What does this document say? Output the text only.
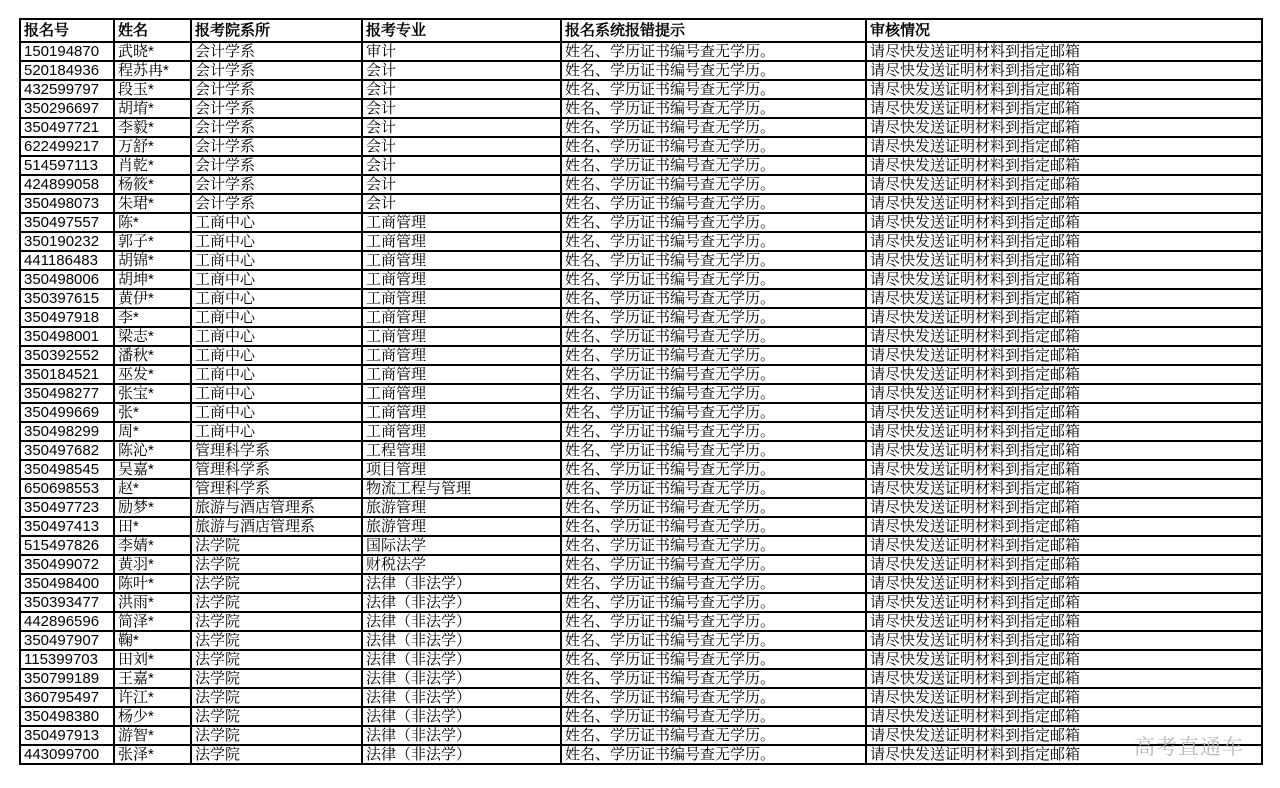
报名号	姓名	报考院系所	报考专业	报名系统报错提示	审核情况
150194870	武晓*	会计学系	审计	姓名、学历证书编号查无学历。	请尽快发送证明材料到指定邮箱
520184936	程苏冉*	会计学系	会计	姓名、学历证书编号查无学历。	请尽快发送证明材料到指定邮箱
432599797	段玉*	会计学系	会计	姓名、学历证书编号查无学历。	请尽快发送证明材料到指定邮箱
350296697	胡堉*	会计学系	会计	姓名、学历证书编号查无学历。	请尽快发送证明材料到指定邮箱
350497721	李毅*	会计学系	会计	姓名、学历证书编号查无学历。	请尽快发送证明材料到指定邮箱
622499217	万舒*	会计学系	会计	姓名、学历证书编号查无学历。	请尽快发送证明材料到指定邮箱
514597113	肖乾*	会计学系	会计	姓名、学历证书编号查无学历。	请尽快发送证明材料到指定邮箱
424899058	杨筱*	会计学系	会计	姓名、学历证书编号查无学历。	请尽快发送证明材料到指定邮箱
350498073	朱珺*	会计学系	会计	姓名、学历证书编号查无学历。	请尽快发送证明材料到指定邮箱
350497557	陈*	工商中心	工商管理	姓名、学历证书编号查无学历。	请尽快发送证明材料到指定邮箱
350190232	郭子*	工商中心	工商管理	姓名、学历证书编号查无学历。	请尽快发送证明材料到指定邮箱
441186483	胡锦*	工商中心	工商管理	姓名、学历证书编号查无学历。	请尽快发送证明材料到指定邮箱
350498006	胡坤*	工商中心	工商管理	姓名、学历证书编号查无学历。	请尽快发送证明材料到指定邮箱
350397615	黄伊*	工商中心	工商管理	姓名、学历证书编号查无学历。	请尽快发送证明材料到指定邮箱
350497918	李*	工商中心	工商管理	姓名、学历证书编号查无学历。	请尽快发送证明材料到指定邮箱
350498001	梁志*	工商中心	工商管理	姓名、学历证书编号查无学历。	请尽快发送证明材料到指定邮箱
350392552	潘秋*	工商中心	工商管理	姓名、学历证书编号查无学历。	请尽快发送证明材料到指定邮箱
350184521	巫发*	工商中心	工商管理	姓名、学历证书编号查无学历。	请尽快发送证明材料到指定邮箱
350498277	张宝*	工商中心	工商管理	姓名、学历证书编号查无学历。	请尽快发送证明材料到指定邮箱
350499669	张*	工商中心	工商管理	姓名、学历证书编号查无学历。	请尽快发送证明材料到指定邮箱
350498299	周*	工商中心	工商管理	姓名、学历证书编号查无学历。	请尽快发送证明材料到指定邮箱
350497682	陈沁*	管理科学系	工程管理	姓名、学历证书编号查无学历。	请尽快发送证明材料到指定邮箱
350498545	吴嘉*	管理科学系	项目管理	姓名、学历证书编号查无学历。	请尽快发送证明材料到指定邮箱
650698553	赵*	管理科学系	物流工程与管理	姓名、学历证书编号查无学历。	请尽快发送证明材料到指定邮箱
350497723	励梦*	旅游与酒店管理系	旅游管理	姓名、学历证书编号查无学历。	请尽快发送证明材料到指定邮箱
350497413	田*	旅游与酒店管理系	旅游管理	姓名、学历证书编号查无学历。	请尽快发送证明材料到指定邮箱
515497826	李婧*	法学院	国际法学	姓名、学历证书编号查无学历。	请尽快发送证明材料到指定邮箱
350499072	黄羽*	法学院	财税法学	姓名、学历证书编号查无学历。	请尽快发送证明材料到指定邮箱
350498400	陈叶*	法学院	法律（非法学）	姓名、学历证书编号查无学历。	请尽快发送证明材料到指定邮箱
350393477	洪雨*	法学院	法律（非法学）	姓名、学历证书编号查无学历。	请尽快发送证明材料到指定邮箱
442896596	简泽*	法学院	法律（非法学）	姓名、学历证书编号查无学历。	请尽快发送证明材料到指定邮箱
350497907	鞠*	法学院	法律（非法学）	姓名、学历证书编号查无学历。	请尽快发送证明材料到指定邮箱
115399703	田刘*	法学院	法律（非法学）	姓名、学历证书编号查无学历。	请尽快发送证明材料到指定邮箱
350799189	王嘉*	法学院	法律（非法学）	姓名、学历证书编号查无学历。	请尽快发送证明材料到指定邮箱
360795497	许江*	法学院	法律（非法学）	姓名、学历证书编号查无学历。	请尽快发送证明材料到指定邮箱
350498380	杨少*	法学院	法律（非法学）	姓名、学历证书编号查无学历。	请尽快发送证明材料到指定邮箱
350497913	游智*	法学院	法律（非法学）	姓名、学历证书编号查无学历。	请尽快发送证明材料到指定邮箱
443099700	张泽*	法学院	法律（非法学）	姓名、学历证书编号查无学历。	请尽快发送证明材料到指定邮箱	高考直通车
